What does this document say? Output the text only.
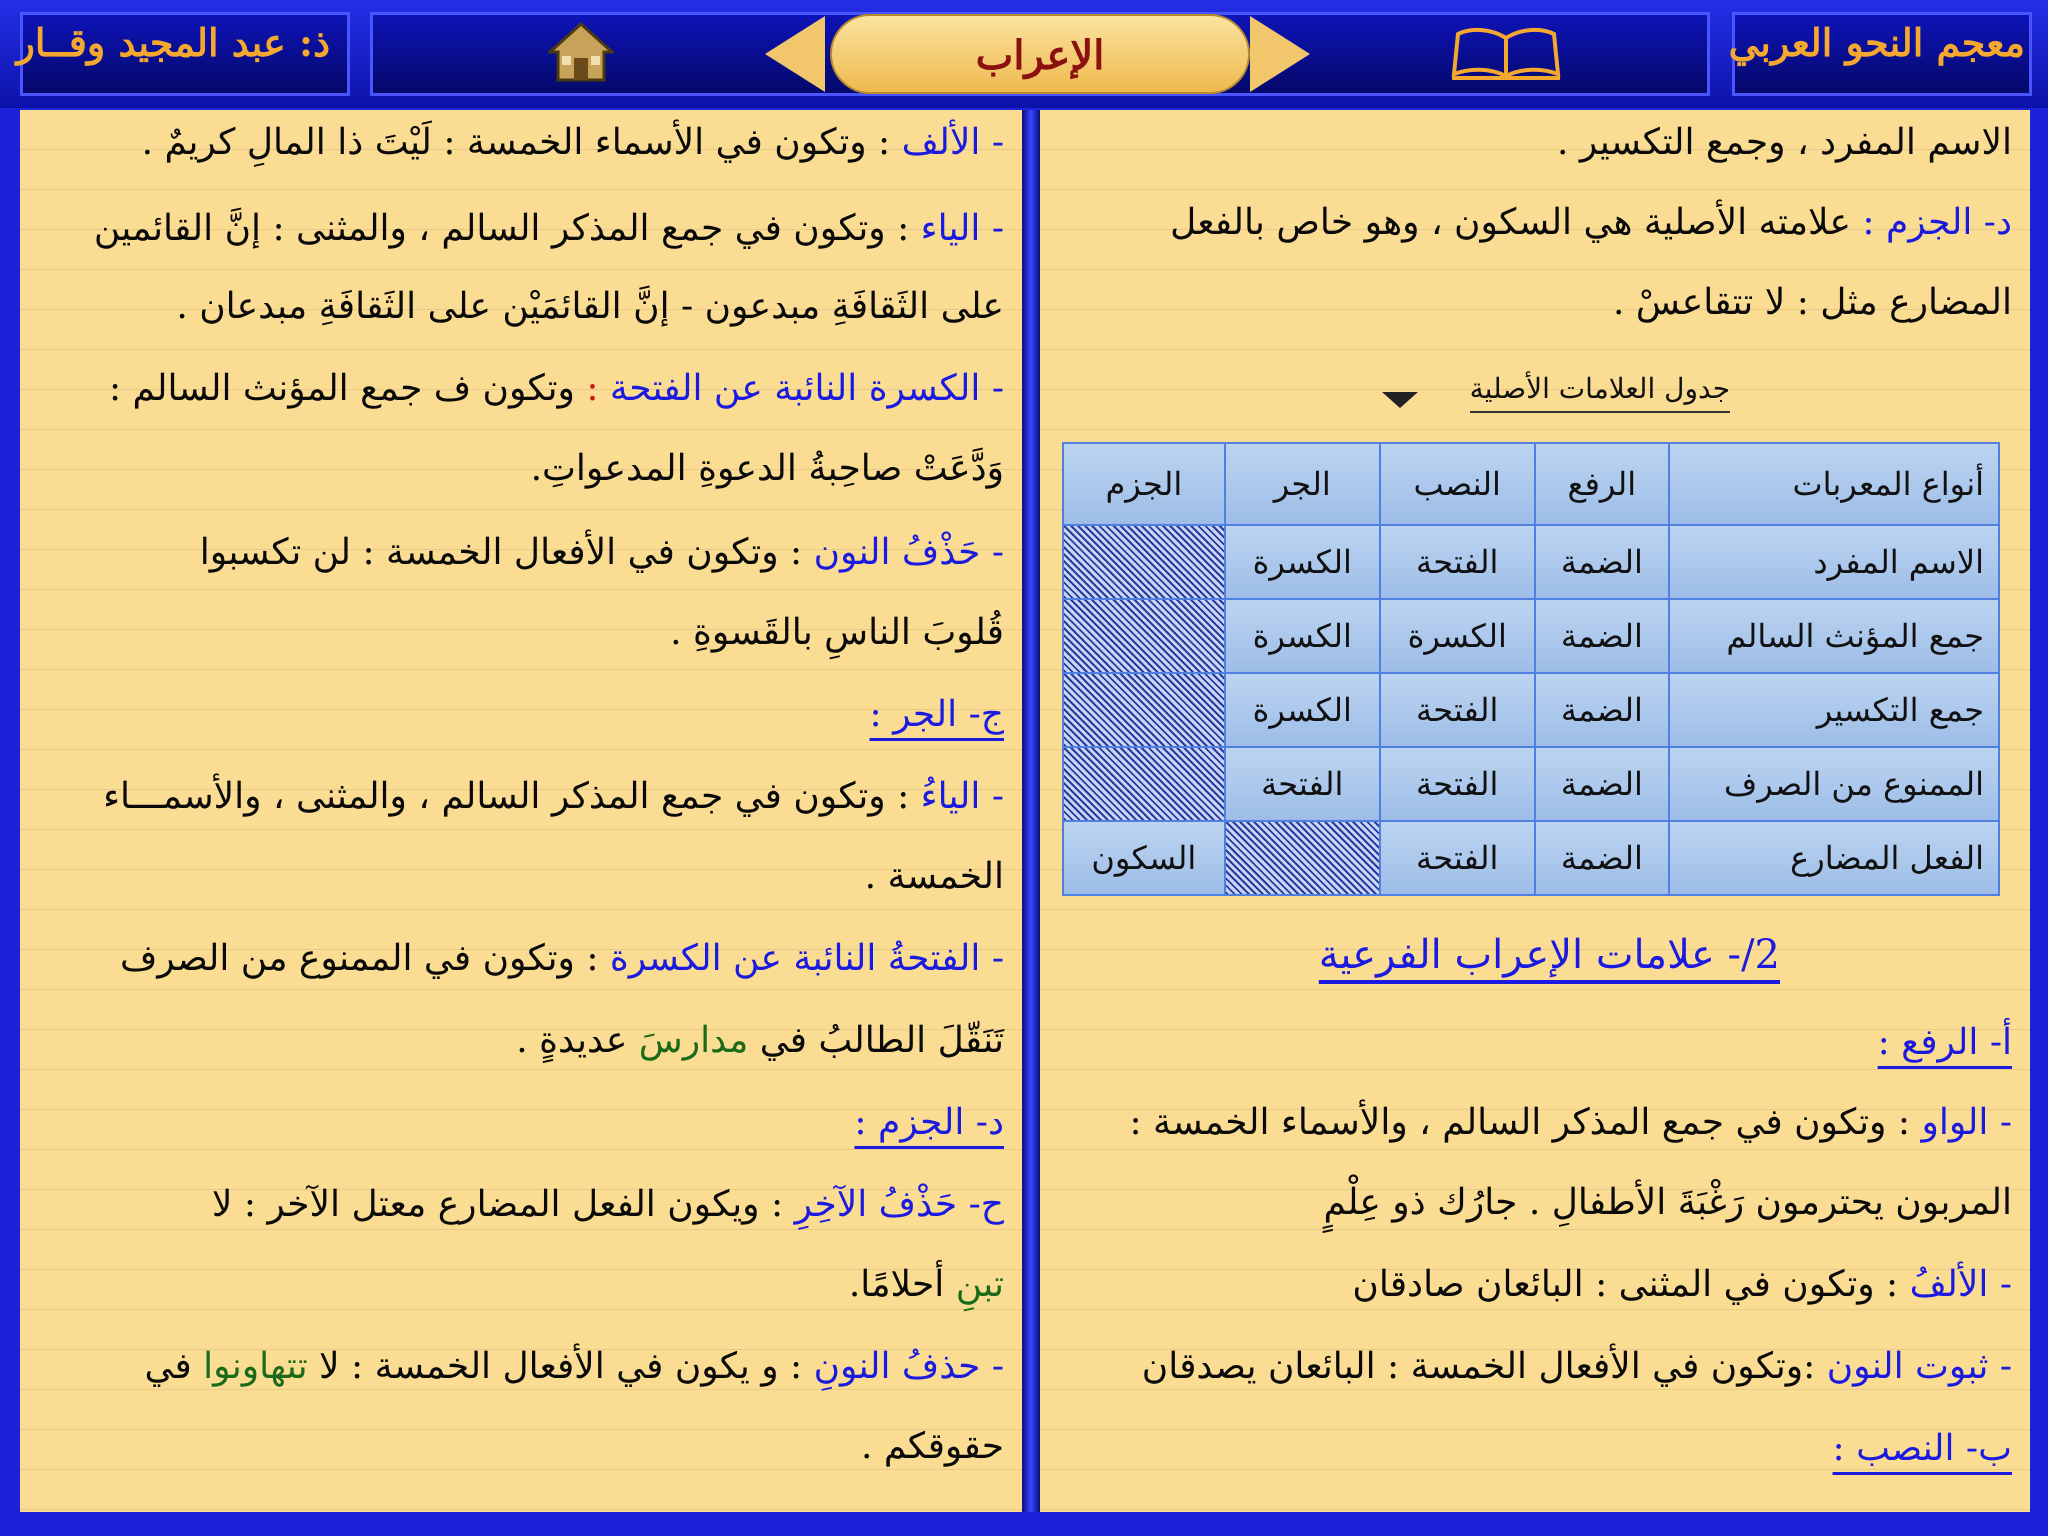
ذ: عبد المجيد وقــار	معجم النحو العربي
الإعراب
الاسم المفرد ، وجمع التكسير .
د- الجزم : علامته الأصلية هي السكون ، وهو خاص بالفعل
المضارع مثل : لا تتقاعسْ .
جدول العلامات الأصلية
أنواع المعربات	الرفع	النصب	الجر	الجزم
الاسم المفرد	الضمة	الفتحة	الكسرة	
جمع المؤنث السالم	الضمة	الكسرة	الكسرة	
جمع التكسير	الضمة	الفتحة	الكسرة	
الممنوع من الصرف	الضمة	الفتحة	الفتحة	
الفعل المضارع	الضمة	الفتحة		السكون
2/- علامات الإعراب الفرعية
أ- الرفع :
- الواو : وتكون في جمع المذكر السالم ، والأسماء الخمسة :
المربون يحترمون رَغْبَةَ الأطفالِ . جارُك ذو عِلْمٍ
- الألفُ : وتكون في المثنى : البائعان صادقان
- ثبوت النون :وتكون في الأفعال الخمسة : البائعان يصدقان
ب- النصب :
- الألف : وتكون في الأسماء الخمسة : لَيْتَ ذا المالِ كريمٌ .
- الياء : وتكون في جمع المذكر السالم ، والمثنى : إنَّ القائمين
على الثَقافَةِ مبدعون - إنَّ القائمَيْن على الثَقافَةِ مبدعان .
- الكسرة النائبة عن الفتحة : وتكون ف جمع المؤنث السالم :
وَدَّعَتْ صاحِبةُ الدعوةِ المدعواتِ.
- حَذْفُ النون : وتكون في الأفعال الخمسة : لن تكسبوا
قُلوبَ الناسِ بالقَسوةِ .
ج- الجر :
- الياءُ : وتكون في جمع المذكر السالم ، والمثنى ، والأسمـــاء
الخمسة .
- الفتحةُ النائبة عن الكسرة : وتكون في الممنوع من الصرف
تَنَقّلَ الطالبُ في مدارسَ عديدةٍ .
د- الجزم :
ح- حَذْفُ الآخِرِ : ويكون الفعل المضارع معتل الآخر : لا
تبنِ أحلامًا.
- حذفُ النونِ : و يكون في الأفعال الخمسة : لا تتهاونوا في
حقوقكم .
